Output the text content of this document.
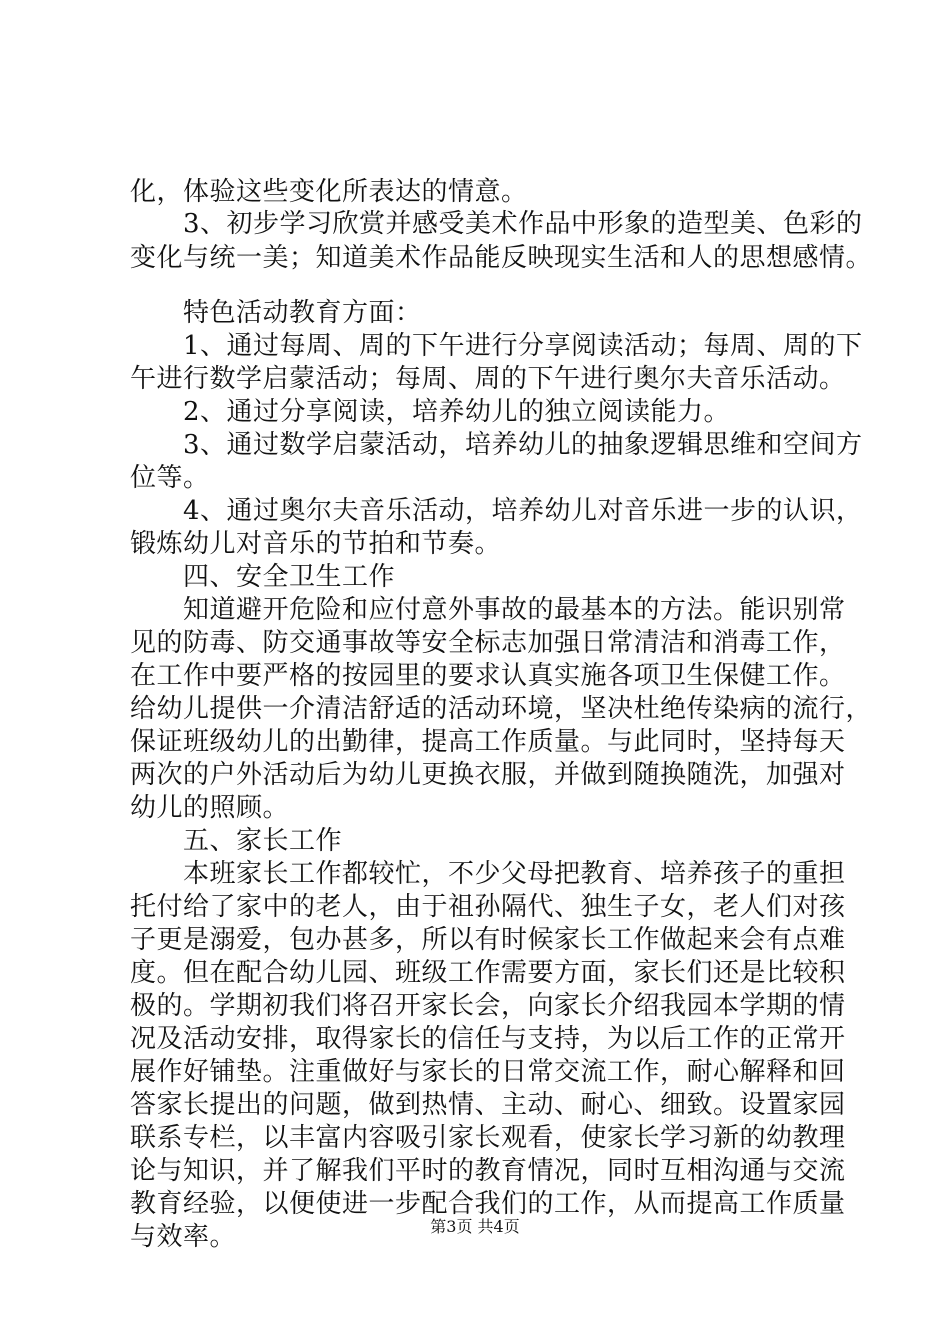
化，体验这些变化所表达的情意。
　　3、初步学习欣赏并感受美术作品中形象的造型美、色彩的
变化与统一美；知道美术作品能反映现实生活和人的思想感情。
　　特色活动教育方面：
　　1、通过每周、周的下午进行分享阅读活动；每周、周的下
午进行数学启蒙活动；每周、周的下午进行奥尔夫音乐活动。
　　2、通过分享阅读，培养幼儿的独立阅读能力。
　　3、通过数学启蒙活动，培养幼儿的抽象逻辑思维和空间方
位等。
　　4、通过奥尔夫音乐活动，培养幼儿对音乐进一步的认识，
锻炼幼儿对音乐的节拍和节奏。
　　四、安全卫生工作
　　知道避开危险和应付意外事故的最基本的方法。能识别常
见的防毒、防交通事故等安全标志加强日常清洁和消毒工作，
在工作中要严格的按园里的要求认真实施各项卫生保健工作。
给幼儿提供一介清洁舒适的活动环境，坚决杜绝传染病的流行，
保证班级幼儿的出勤律，提高工作质量。与此同时，坚持每天
两次的户外活动后为幼儿更换衣服，并做到随换随洗，加强对
幼儿的照顾。
　　五、家长工作
　　本班家长工作都较忙，不少父母把教育、培养孩子的重担
托付给了家中的老人，由于祖孙隔代、独生子女，老人们对孩
子更是溺爱，包办甚多，所以有时候家长工作做起来会有点难
度。但在配合幼儿园、班级工作需要方面，家长们还是比较积
极的。学期初我们将召开家长会，向家长介绍我园本学期的情
况及活动安排，取得家长的信任与支持，为以后工作的正常开
展作好铺垫。注重做好与家长的日常交流工作，耐心解释和回
答家长提出的问题，做到热情、主动、耐心、细致。设置家园
联系专栏，以丰富内容吸引家长观看，使家长学习新的幼教理
论与知识，并了解我们平时的教育情况，同时互相沟通与交流
教育经验，以便使进一步配合我们的工作，从而提高工作质量
与效率。	第3页 共4页
